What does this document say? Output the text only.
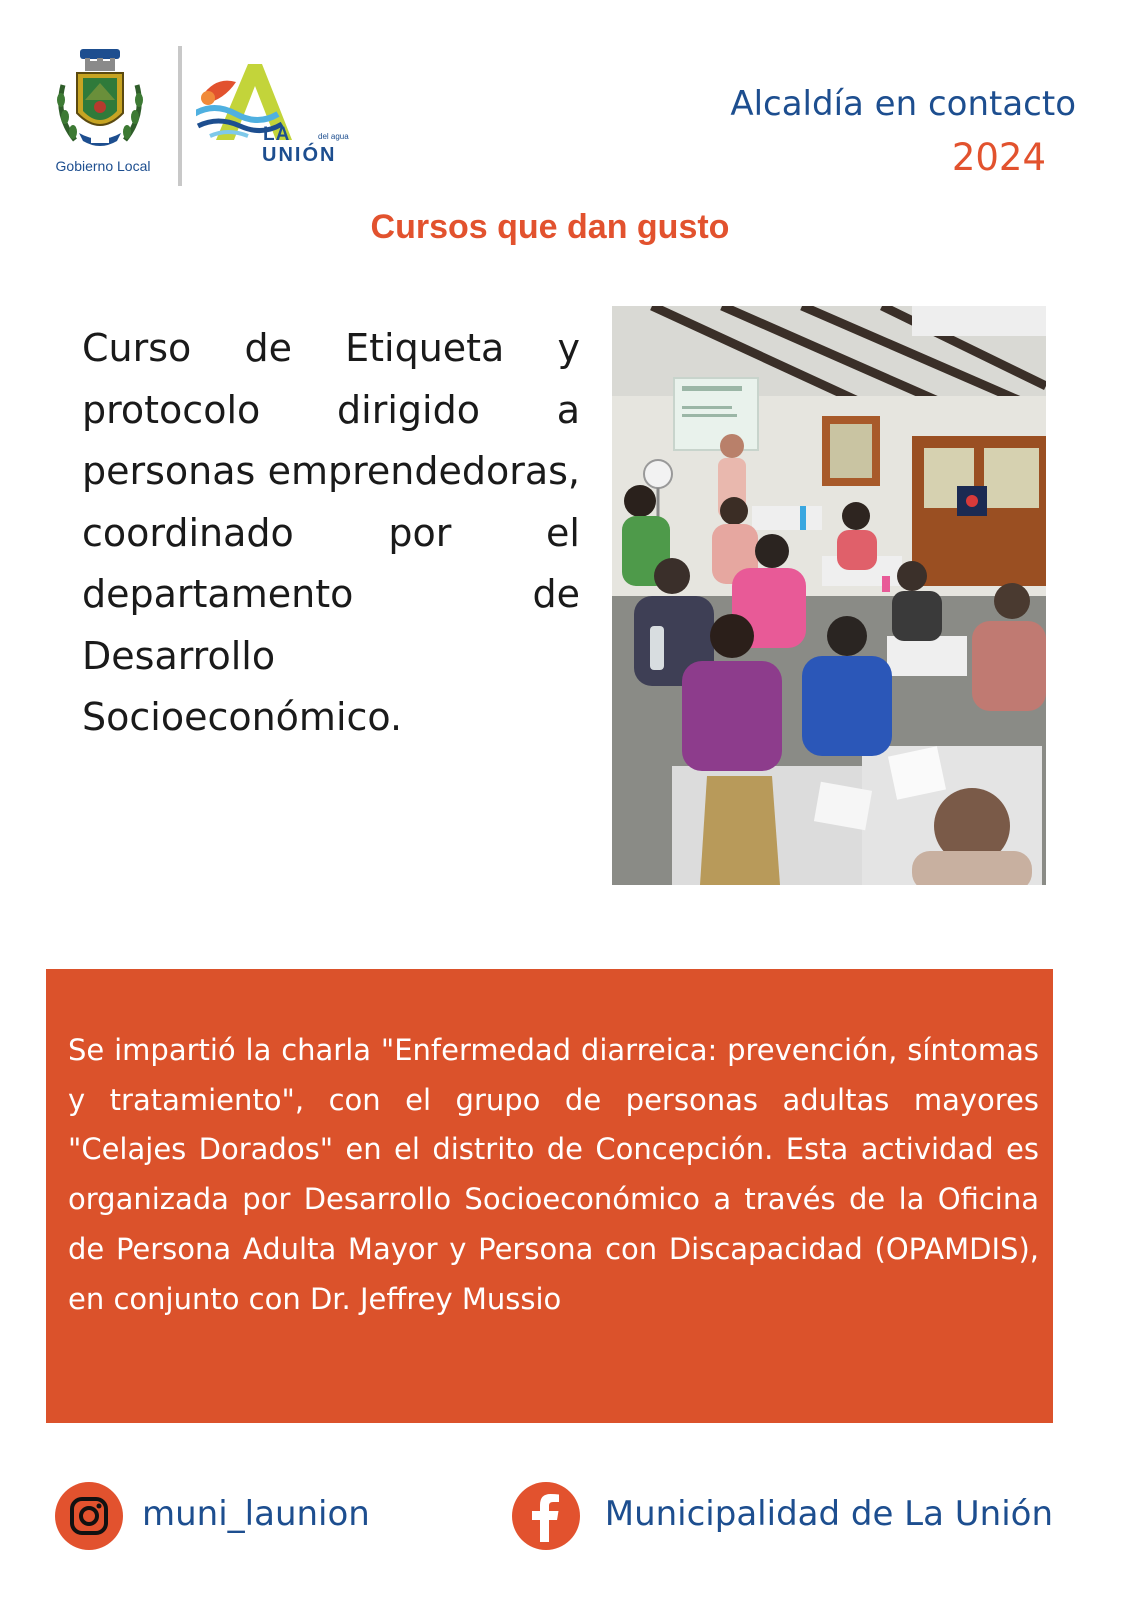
Gobierno Local
LA	del agua
UNIÓN
Alcaldía en contacto
2024
Cursos que dan gusto
Curso de Etiqueta y protocolo dirigido a personas emprendedoras, coordinado por el departamento de Desarrollo Socioeconómico.
Se impartió la charla "Enfermedad diarreica: prevención, síntomas y tratamiento", con el grupo de personas adultas mayores "Celajes Dorados" en el distrito de Concepción. Esta actividad es organizada por Desarrollo Socioeconómico a través de la Oficina de Persona Adulta Mayor y Persona con Discapacidad (OPAMDIS), en conjunto con Dr. Jeffrey Mussio
muni_launion	Municipalidad de La Unión
